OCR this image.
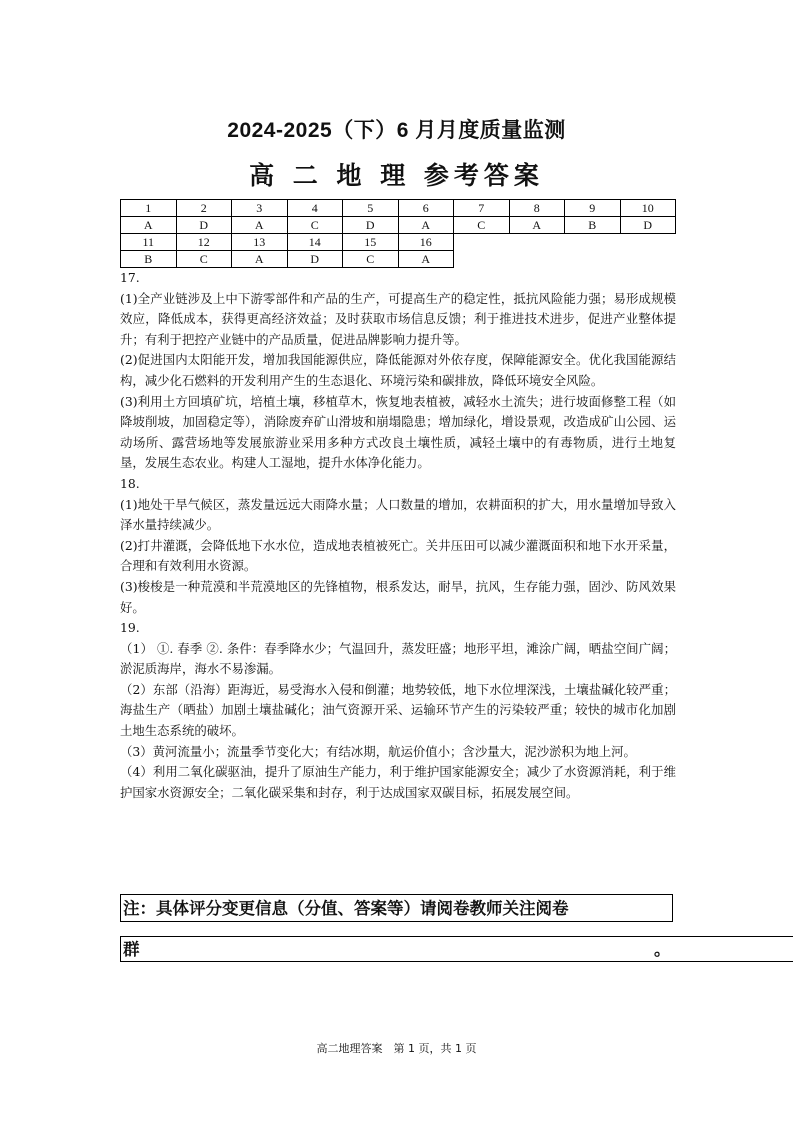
2024-2025（下）6 月月度质量监测
高 二 地 理 参考答案
1	2	3	4	5	6	7	8	9	10
A	D	A	C	D	A	C	A	B	D
11	12	13	14	15	16				
B	C	A	D	C	A				

17.

(1)全产业链涉及上中下游零部件和产品的生产，可提高生产的稳定性，抵抗风险能力强；易形成规模效应，降低成本，获得更高经济效益；及时获取市场信息反馈；利于推进技术进步，促进产业整体提升；有利于把控产业链中的产品质量，促进品牌影响力提升等。

(2)促进国内太阳能开发，增加我国能源供应，降低能源对外依存度，保障能源安全。优化我国能源结构，减少化石燃料的开发利用产生的生态退化、环境污染和碳排放，降低环境安全风险。

(3)利用土方回填矿坑，培植土壤，移植草木，恢复地表植被，减轻水土流失；进行坡面修整工程（如降坡削坡，加固稳定等），消除废弃矿山滑坡和崩塌隐患；增加绿化，增设景观，改造成矿山公园、运动场所、露营场地等发展旅游业采用多种方式改良土壤性质，减轻土壤中的有毒物质，进行土地复垦，发展生态农业。构建人工湿地，提升水体净化能力。

18.

(1)地处干旱气候区，蒸发量远远大雨降水量；人口数量的增加，农耕面积的扩大，用水量增加导致入泽水量持续减少。

(2)打井灌溉，会降低地下水水位，造成地表植被死亡。关井压田可以减少灌溉面积和地下水开采量，合理和有效利用水资源。

(3)梭梭是一种荒漠和半荒漠地区的先锋植物，根系发达，耐旱，抗风，生存能力强，固沙、防风效果好。

19.

（1） ①. 春季 ②. 条件：春季降水少；气温回升，蒸发旺盛；地形平坦，滩涂广阔，晒盐空间广阔；淤泥质海岸，海水不易渗漏。

（2）东部（沿海）距海近，易受海水入侵和倒灌；地势较低，地下水位埋深浅，土壤盐碱化较严重；海盐生产（晒盐）加剧土壤盐碱化；油气资源开采、运输环节产生的污染较严重；较快的城市化加剧土地生态系统的破坏。

（3）黄河流量小；流量季节变化大；有结冰期，航运价值小；含沙量大，泥沙淤积为地上河。

（4）利用二氧化碳驱油，提升了原油生产能力，利于维护国家能源安全；减少了水资源消耗，利于维护国家水资源安全；二氧化碳采集和封存，利于达成国家双碳目标，拓展发展空间。

注：具体评分变更信息（分值、答案等）请阅卷教师关注阅卷
群	。
高二地理答案　第 1 页，共 1 页
